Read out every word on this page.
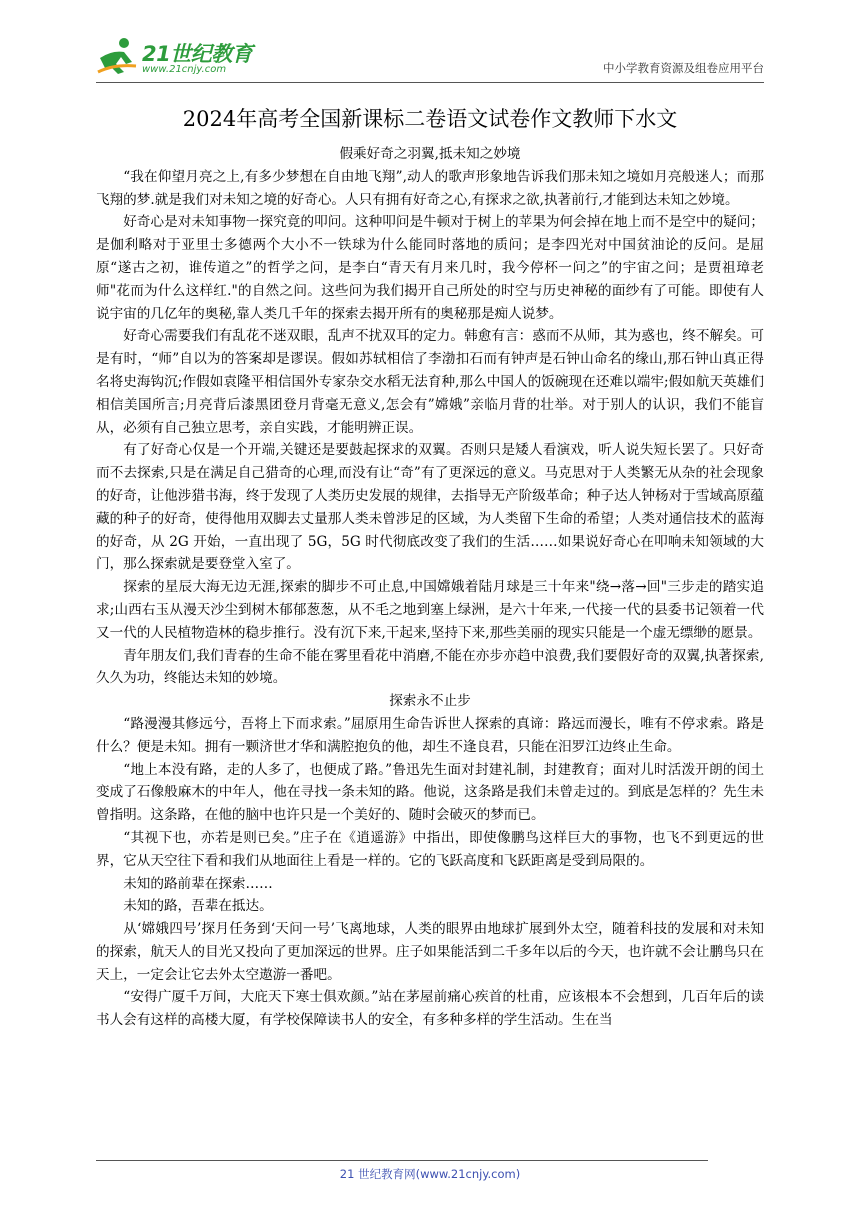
21世纪教育
www.21cnjy.com	中小学教育资源及组卷应用平台
2024年高考全国新课标二卷语文试卷作文教师下水文
假乘好奇之羽翼,抵未知之妙境

“我在仰望月亮之上,有多少梦想在自由地飞翔”,动人的歌声形象地告诉我们那未知之境如月亮般迷人；而那飞翔的梦.就是我们对未知之境的好奇心。人只有拥有好奇之心,有探求之欲,执著前行,才能到达未知之妙境。

好奇心是对未知事物一探究竟的叩问。这种叩问是牛顿对于树上的苹果为何会掉在地上而不是空中的疑问；是伽利略对于亚里士多德两个大小不一铁球为什么能同时落地的质问；是李四光对中国贫油论的反问。是屈原“遂古之初，谁传道之”的哲学之问，是李白“青天有月来几时，我今停杯一问之”的宇宙之问；是贾祖璋老师"花而为什么这样红."的自然之问。这些问为我们揭开自己所处的时空与历史神秘的面纱有了可能。即使有人说宇宙的几亿年的奥秘,靠人类几千年的探索去揭开所有的奥秘那是痴人说梦。

好奇心需要我们有乱花不迷双眼，乱声不扰双耳的定力。韩愈有言：惑而不从师，其为惑也，终不解矣。可是有时，“师”自以为的答案却是谬误。假如苏轼相信了李渤扣石而有钟声是石钟山命名的缘山,那石钟山真正得名将史海钩沉;作假如袁隆平相信国外专家杂交水稻无法育种,那么中国人的饭碗现在还难以端牢;假如航天英雄们相信美国所言;月亮背后漆黑团登月背毫无意义,怎会有”嫦娥”亲临月背的壮举。对于别人的认识，我们不能盲从，必须有自己独立思考，亲自实践，才能明辨正误。

有了好奇心仅是一个开端,关键还是要鼓起探求的双翼。否则只是矮人看演戏，听人说失短长罢了。只好奇而不去探索,只是在满足自己猎奇的心理,而没有让“奇”有了更深远的意义。马克思对于人类繁无从杂的社会现象的好奇，让他涉猎书海，终于发现了人类历史发展的规律，去指导无产阶级革命；种子达人钟杨对于雪域高原蕴藏的种子的好奇，使得他用双脚去丈量那人类未曾涉足的区域，为人类留下生命的希望；人类对通信技术的蓝海的好奇，从 2G 开始，一直出现了 5G，5G 时代彻底改变了我们的生活……如果说好奇心在叩响未知领域的大门，那么探索就是要登堂入室了。

探索的星辰大海无边无涯,探索的脚步不可止息,中国嫦娥着陆月球是三十年来"绕→落→回"三步走的踏实追求;山西右玉从漫天沙尘到树木郁郁葱葱，从不毛之地到塞上绿洲，是六十年来,一代接一代的县委书记领着一代又一代的人民植物造林的稳步推行。没有沉下来,干起来,坚持下来,那些美丽的现实只能是一个虚无缥缈的愿景。

青年朋友们,我们青春的生命不能在雾里看花中消磨,不能在亦步亦趋中浪费,我们要假好奇的双翼,执著探索,久久为功，终能达未知的妙境。

探索永不止步

“路漫漫其修远兮，吾将上下而求索。”屈原用生命告诉世人探索的真谛：路远而漫长，唯有不停求索。路是什么？便是未知。拥有一颗济世才华和满腔抱负的他，却生不逢良君，只能在汨罗江边终止生命。

“地上本没有路，走的人多了，也便成了路。”鲁迅先生面对封建礼制，封建教育；面对儿时活泼开朗的闰土变成了石像般麻木的中年人，他在寻找一条未知的路。他说，这条路是我们未曾走过的。到底是怎样的？先生未曾指明。这条路，在他的脑中也许只是一个美好的、随时会破灭的梦而已。

“其视下也，亦若是则已矣。”庄子在《逍遥游》中指出，即使像鹏鸟这样巨大的事物，也飞不到更远的世界，它从天空往下看和我们从地面往上看是一样的。它的飞跃高度和飞跃距离是受到局限的。

未知的路前辈在探索……

未知的路，吾辈在抵达。

从‘嫦娥四号’探月任务到‘天问一号’飞离地球，人类的眼界由地球扩展到外太空，随着科技的发展和对未知的探索，航天人的目光又投向了更加深远的世界。庄子如果能活到二千多年以后的今天，也许就不会让鹏鸟只在天上，一定会让它去外太空遨游一番吧。

“安得广厦千万间，大庇天下寒士俱欢颜。”站在茅屋前痛心疾首的杜甫，应该根本不会想到，几百年后的读书人会有这样的高楼大厦，有学校保障读书人的安全，有多种多样的学生活动。生在当

21 世纪教育网(www.21cnjy.com)
